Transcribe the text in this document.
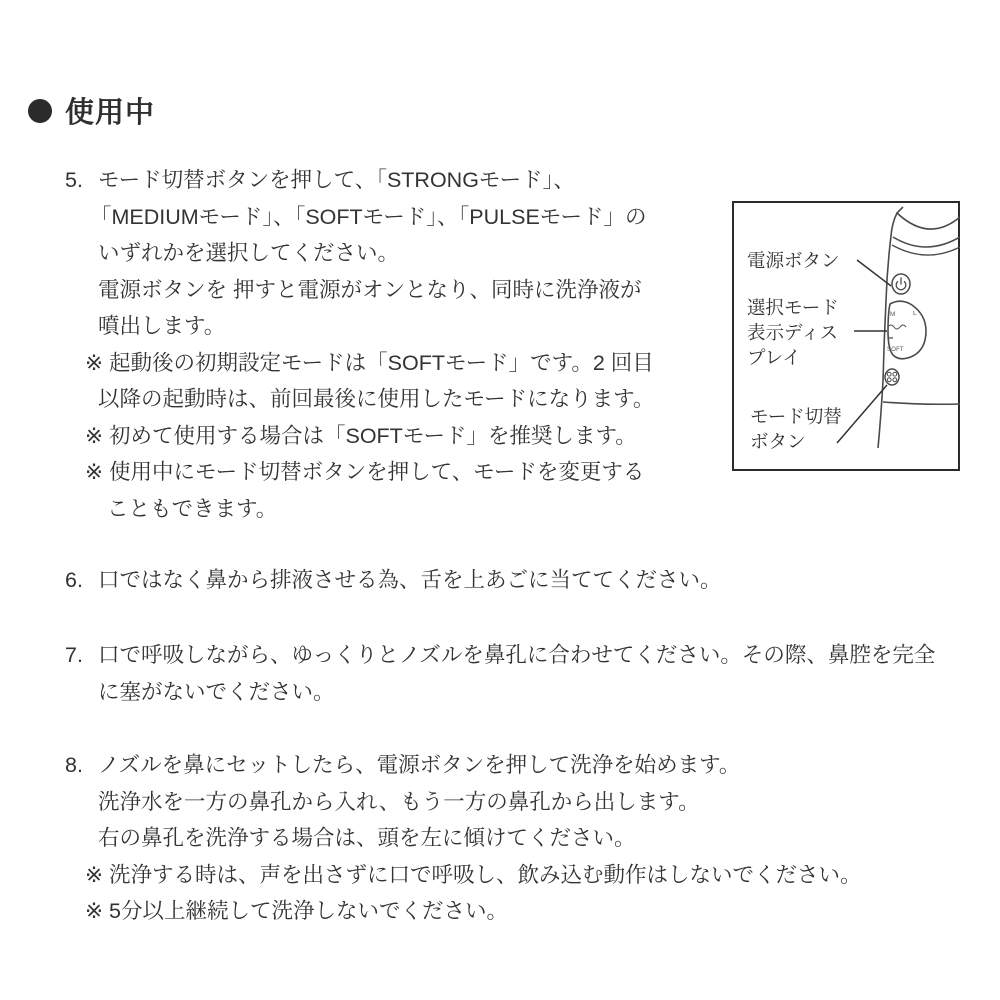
使用中
5. モード切替ボタンを押して、「STRONGモード」、
「MEDIUMモード」、「SOFTモード」、「PULSEモード」の
いずれかを選択してください。
電源ボタンを 押すと電源がオンとなり、同時に洗浄液が
噴出します。
※ 起動後の初期設定モードは「SOFTモード」です。2 回目
以降の起動時は、前回最後に使用したモードになります。
※ 初めて使用する場合は「SOFTモード」を推奨します。
※ 使用中にモード切替ボタンを押して、モードを変更する
こともできます。
6. 口ではなく鼻から排液させる為、舌を上あごに当ててください。
7. 口で呼吸しながら、ゆっくりとノズルを鼻孔に合わせてください。その際、鼻腔を完全
に塞がないでください。
8. ノズルを鼻にセットしたら、電源ボタンを押して洗浄を始めます。
洗浄水を一方の鼻孔から入れ、もう一方の鼻孔から出します。
右の鼻孔を洗浄する場合は、頭を左に傾けてください。
※ 洗浄する時は、声を出さずに口で呼吸し、飲み込む動作はしないでください。
※ 5分以上継続して洗浄しないでください。
M	L
SOFT
電源ボタン
選択モード
表示ディス
プレイ
モード切替
ボタン
